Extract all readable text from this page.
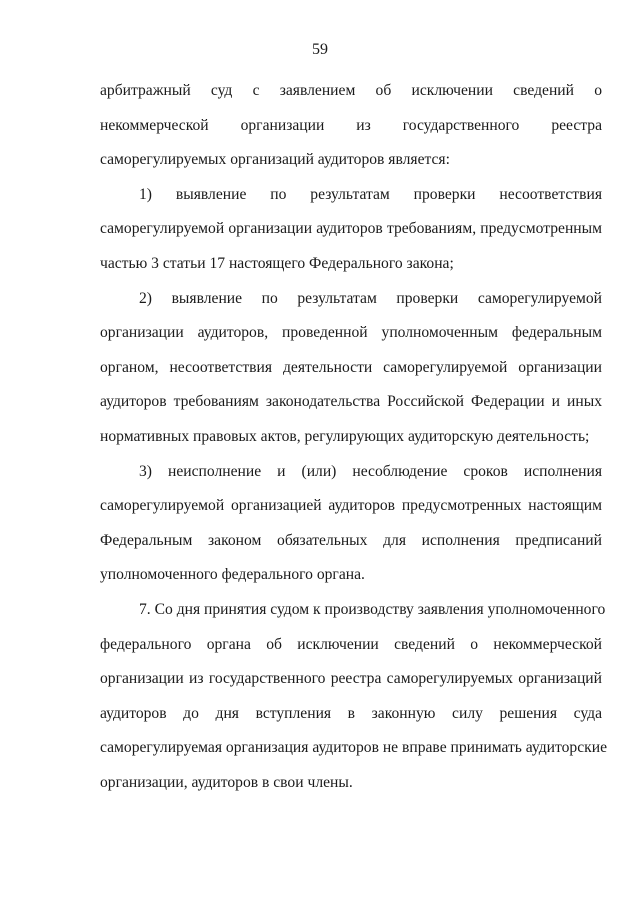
59
арбитражный суд с заявлением об исключении сведений о
некоммерческой организации из государственного реестра
саморегулируемых организаций аудиторов является:
1) выявление по результатам проверки несоответствия
саморегулируемой организации аудиторов требованиям, предусмотренным
частью 3 статьи 17 настоящего Федерального закона;
2) выявление по результатам проверки саморегулируемой
организации аудиторов, проведенной уполномоченным федеральным
органом, несоответствия деятельности саморегулируемой организации
аудиторов требованиям законодательства Российской Федерации и иных
нормативных правовых актов, регулирующих аудиторскую деятельность;
3) неисполнение и (или) несоблюдение сроков исполнения
саморегулируемой организацией аудиторов предусмотренных настоящим
Федеральным законом обязательных для исполнения предписаний
уполномоченного федерального органа.
7. Со дня принятия судом к производству заявления уполномоченного
федерального органа об исключении сведений о некоммерческой
организации из государственного реестра саморегулируемых организаций
аудиторов до дня вступления в законную силу решения суда
саморегулируемая организация аудиторов не вправе принимать аудиторские
организации, аудиторов в свои члены.
